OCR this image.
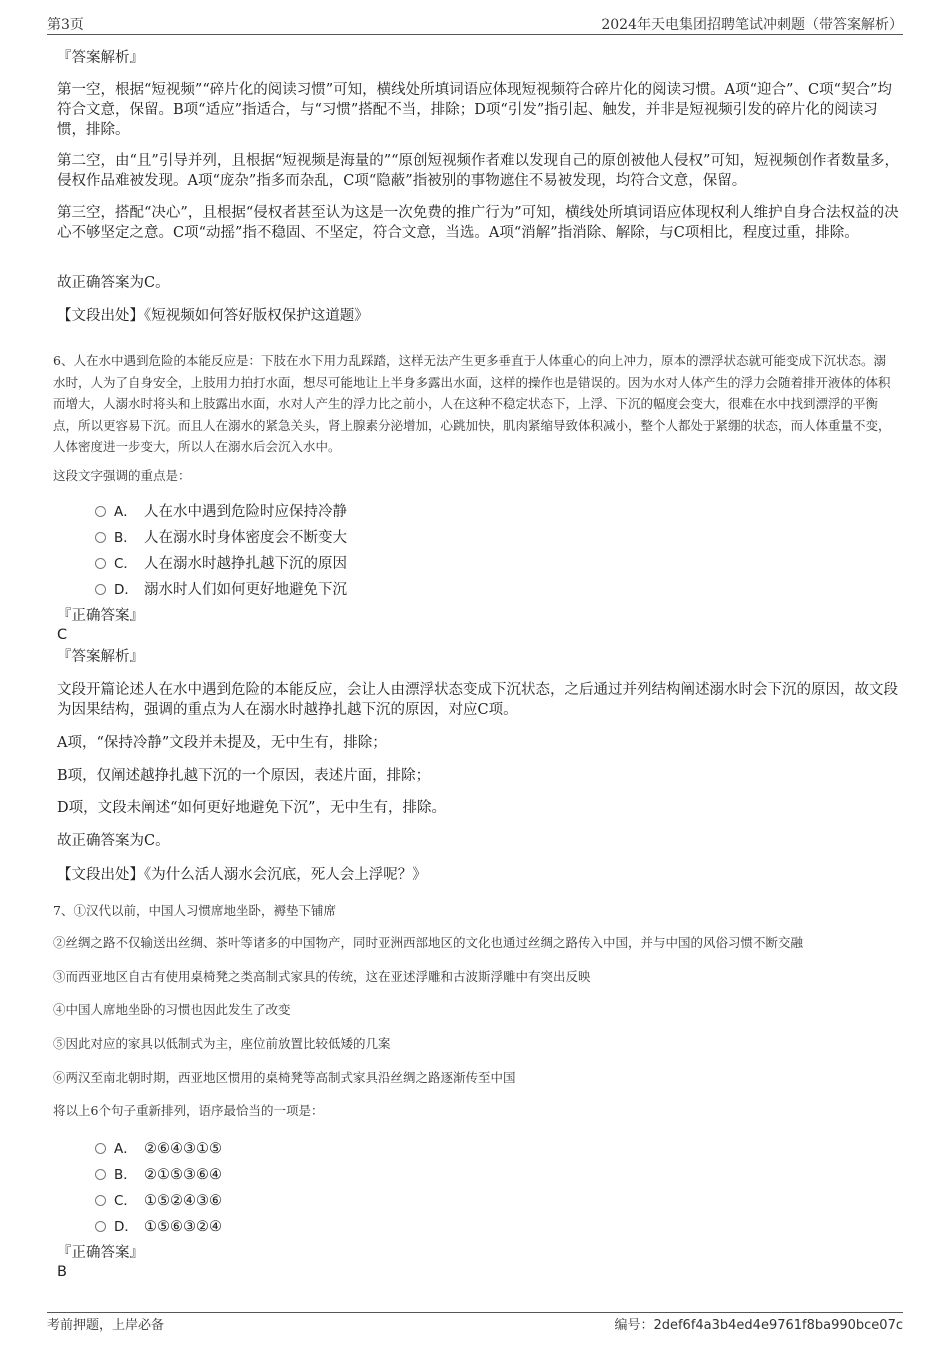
第3页	2024年天电集团招聘笔试冲刺题（带答案解析）
『答案解析』
第一空，根据“短视频”“碎片化的阅读习惯”可知，横线处所填词语应体现短视频符合碎片化的阅读习惯。A项“迎合”、C项“契合”均符合文意，保留。B项“适应”指适合，与“习惯”搭配不当，排除；D项“引发”指引起、触发，并非是短视频引发的碎片化的阅读习惯，排除。
第二空，由“且”引导并列，且根据“短视频是海量的”“原创短视频作者难以发现自己的原创被他人侵权”可知，短视频创作者数量多，侵权作品难被发现。A项“庞杂”指多而杂乱，C项“隐蔽”指被别的事物遮住不易被发现，均符合文意，保留。
第三空，搭配“决心”，且根据“侵权者甚至认为这是一次免费的推广行为”可知，横线处所填词语应体现权利人维护自身合法权益的决心不够坚定之意。C项“动摇”指不稳固、不坚定，符合文意，当选。A项“消解”指消除、解除，与C项相比，程度过重，排除。
故正确答案为C。
【文段出处】《短视频如何答好版权保护这道题》
6、人在水中遇到危险的本能反应是：下肢在水下用力乱踩踏，这样无法产生更多垂直于人体重心的向上冲力，原本的漂浮状态就可能变成下沉状态。溺水时，人为了自身安全，上肢用力拍打水面，想尽可能地让上半身多露出水面，这样的操作也是错误的。因为水对人体产生的浮力会随着排开液体的体积而增大，人溺水时将头和上肢露出水面，水对人产生的浮力比之前小，人在这种不稳定状态下，上浮、下沉的幅度会变大，很难在水中找到漂浮的平衡点，所以更容易下沉。而且人在溺水的紧急关头，肾上腺素分泌增加，心跳加快，肌肉紧缩导致体积减小，整个人都处于紧绷的状态，而人体重量不变，人体密度进一步变大，所以人在溺水后会沉入水中。
这段文字强调的重点是：
A． 人在水中遇到危险时应保持冷静
B． 人在溺水时身体密度会不断变大
C． 人在溺水时越挣扎越下沉的原因
D． 溺水时人们如何更好地避免下沉
『正确答案』
C
『答案解析』
文段开篇论述人在水中遇到危险的本能反应，会让人由漂浮状态变成下沉状态，之后通过并列结构阐述溺水时会下沉的原因，故文段为因果结构，强调的重点为人在溺水时越挣扎越下沉的原因，对应C项。
A项，“保持冷静”文段并未提及，无中生有，排除；
B项，仅阐述越挣扎越下沉的一个原因，表述片面，排除；
D项，文段未阐述“如何更好地避免下沉”，无中生有，排除。
故正确答案为C。
【文段出处】《为什么活人溺水会沉底，死人会上浮呢？》
7、①汉代以前，中国人习惯席地坐卧，褥垫下铺席
②丝绸之路不仅输送出丝绸、茶叶等诸多的中国物产，同时亚洲西部地区的文化也通过丝绸之路传入中国，并与中国的风俗习惯不断交融
③而西亚地区自古有使用桌椅凳之类高制式家具的传统，这在亚述浮雕和古波斯浮雕中有突出反映
④中国人席地坐卧的习惯也因此发生了改变
⑤因此对应的家具以低制式为主，座位前放置比较低矮的几案
⑥两汉至南北朝时期，西亚地区惯用的桌椅凳等高制式家具沿丝绸之路逐渐传至中国
将以上6个句子重新排列，语序最恰当的一项是：
A． ②⑥④③①⑤
B． ②①⑤③⑥④
C． ①⑤②④③⑥
D． ①⑤⑥③②④
『正确答案』
B
考前押题，上岸必备	编号：2def6f4a3b4ed4e9761f8ba990bce07c
